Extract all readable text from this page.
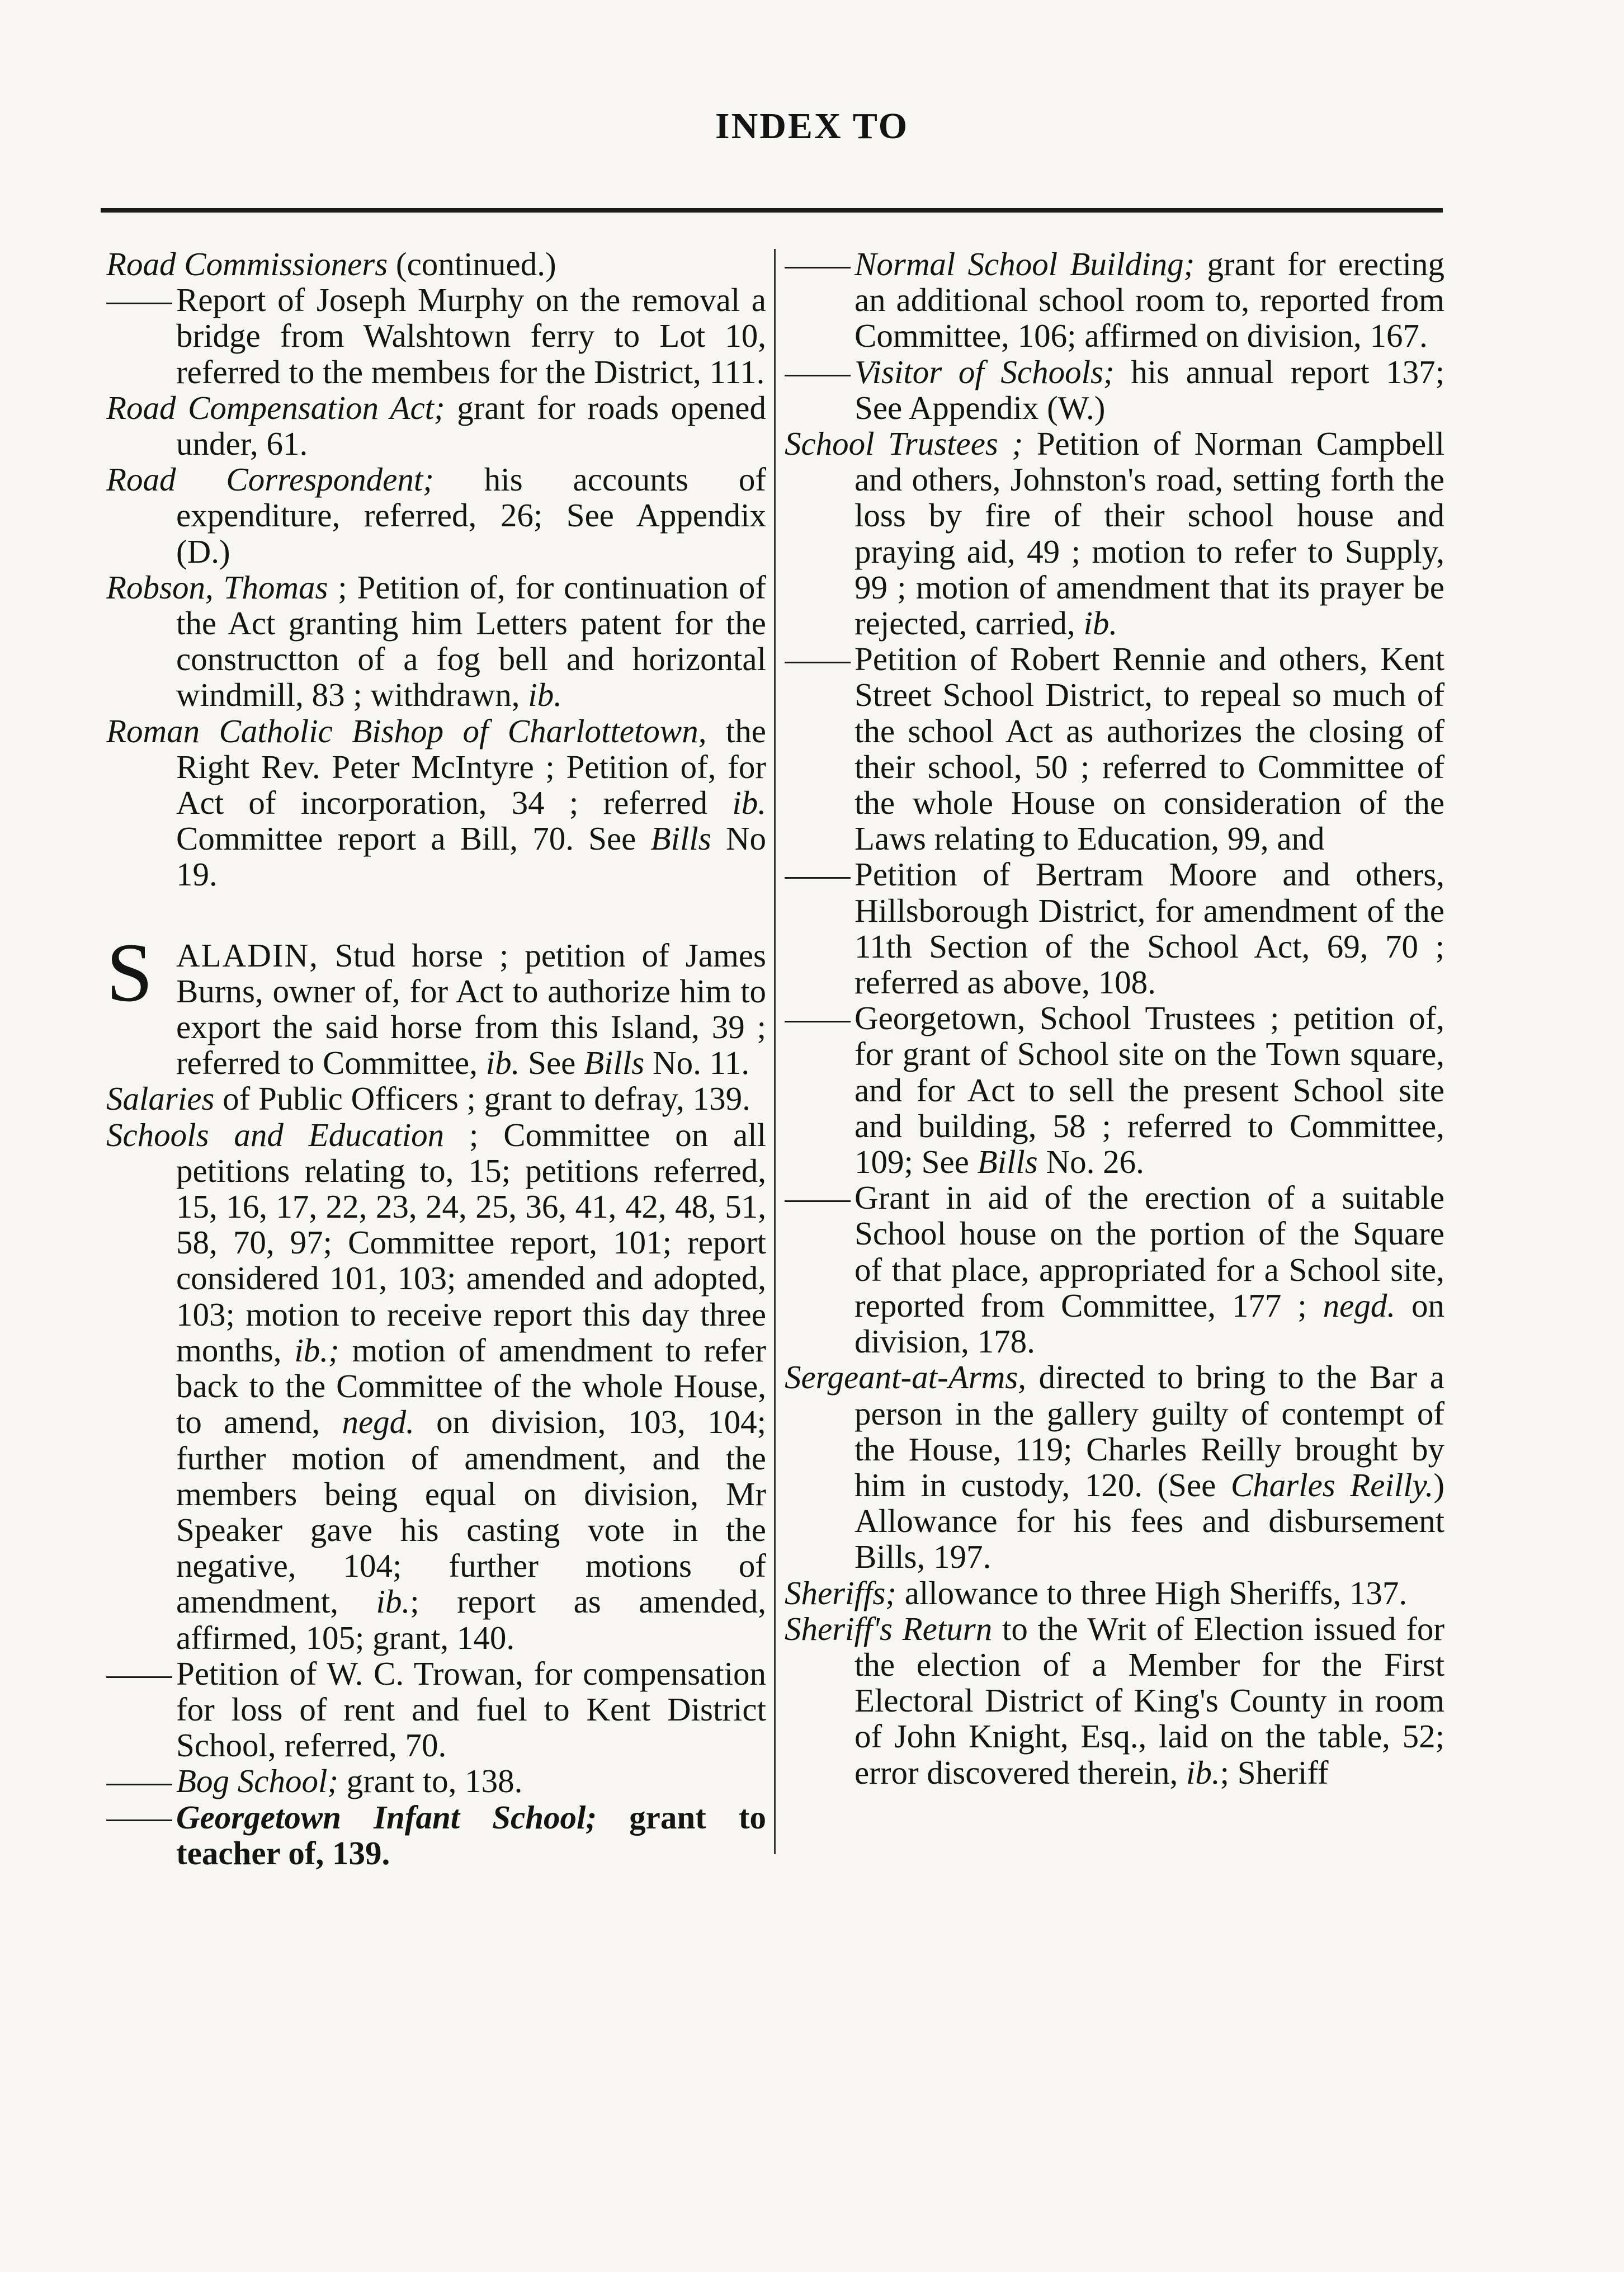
INDEX TO
Road Commissioners (continued.)
Report of Joseph Murphy on the removal a bridge from Walshtown ferry to Lot 10, referred to the membeıs for the District, 111.
Road Compensation Act; grant for roads opened under, 61.
Road Correspondent; his accounts of expenditure, referred, 26; See Appendix (D.)
Robson, Thomas ; Petition of, for continuation of the Act granting him Letters patent for the constructton of a fog bell and horizontal windmill, 83 ; withdrawn, ib.
Roman Catholic Bishop of Charlottetown, the Right Rev. Peter McIntyre ; Petition of, for Act of incorporation, 34 ; referred ib. Committee report a Bill, 70. See Bills No 19.
S ALADIN, Stud horse ; petition of James Burns, owner of, for Act to authorize him to export the said horse from this Island, 39 ; referred to Committee, ib. See Bills No. 11.
Salaries of Public Officers ; grant to defray, 139.
Schools and Education ; Committee on all petitions relating to, 15; petitions referred, 15, 16, 17, 22, 23, 24, 25, 36, 41, 42, 48, 51, 58, 70, 97; Committee report, 101; report considered 101, 103; amended and adopted, 103; motion to receive report this day three months, ib.; motion of amendment to refer back to the Committee of the whole House, to amend, negd. on division, 103, 104; further motion of amendment, and the members being equal on division, Mr Speaker gave his casting vote in the negative, 104; further motions of amendment, ib.; report as amended, affirmed, 105; grant, 140.
Petition of W. C. Trowan, for compensation for loss of rent and fuel to Kent District School, referred, 70.
Bog School; grant to, 138.
Georgetown Infant School; grant to teacher of, 139.
Normal School Building; grant for erecting an additional school room to, reported from Committee, 106; affirmed on division, 167.
Visitor of Schools; his annual report 137; See Appendix (W.)
School Trustees ; Petition of Norman Campbell and others, Johnston's road, setting forth the loss by fire of their school house and praying aid, 49 ; motion to refer to Supply, 99 ; motion of amendment that its prayer be rejected, carried, ib.
Petition of Robert Rennie and others, Kent Street School District, to repeal so much of the school Act as authorizes the closing of their school, 50 ; referred to Committee of the whole House on consideration of the Laws relating to Education, 99, and
Petition of Bertram Moore and others, Hillsborough District, for amendment of the 11th Section of the School Act, 69, 70 ; referred as above, 108.
Georgetown, School Trustees ; petition of, for grant of School site on the Town square, and for Act to sell the present School site and building, 58 ; referred to Committee, 109; See Bills No. 26.
Grant in aid of the erection of a suitable School house on the portion of the Square of that place, appropriated for a School site, reported from Committee, 177 ; negd. on division, 178.
Sergeant-at-Arms, directed to bring to the Bar a person in the gallery guilty of contempt of the House, 119; Charles Reilly brought by him in custody, 120. (See Charles Reilly.) Allowance for his fees and disbursement Bills, 197.
Sheriffs; allowance to three High Sheriffs, 137.
Sheriff's Return to the Writ of Election issued for the election of a Member for the First Electoral District of King's County in room of John Knight, Esq., laid on the table, 52; error discovered therein, ib.; Sheriff
